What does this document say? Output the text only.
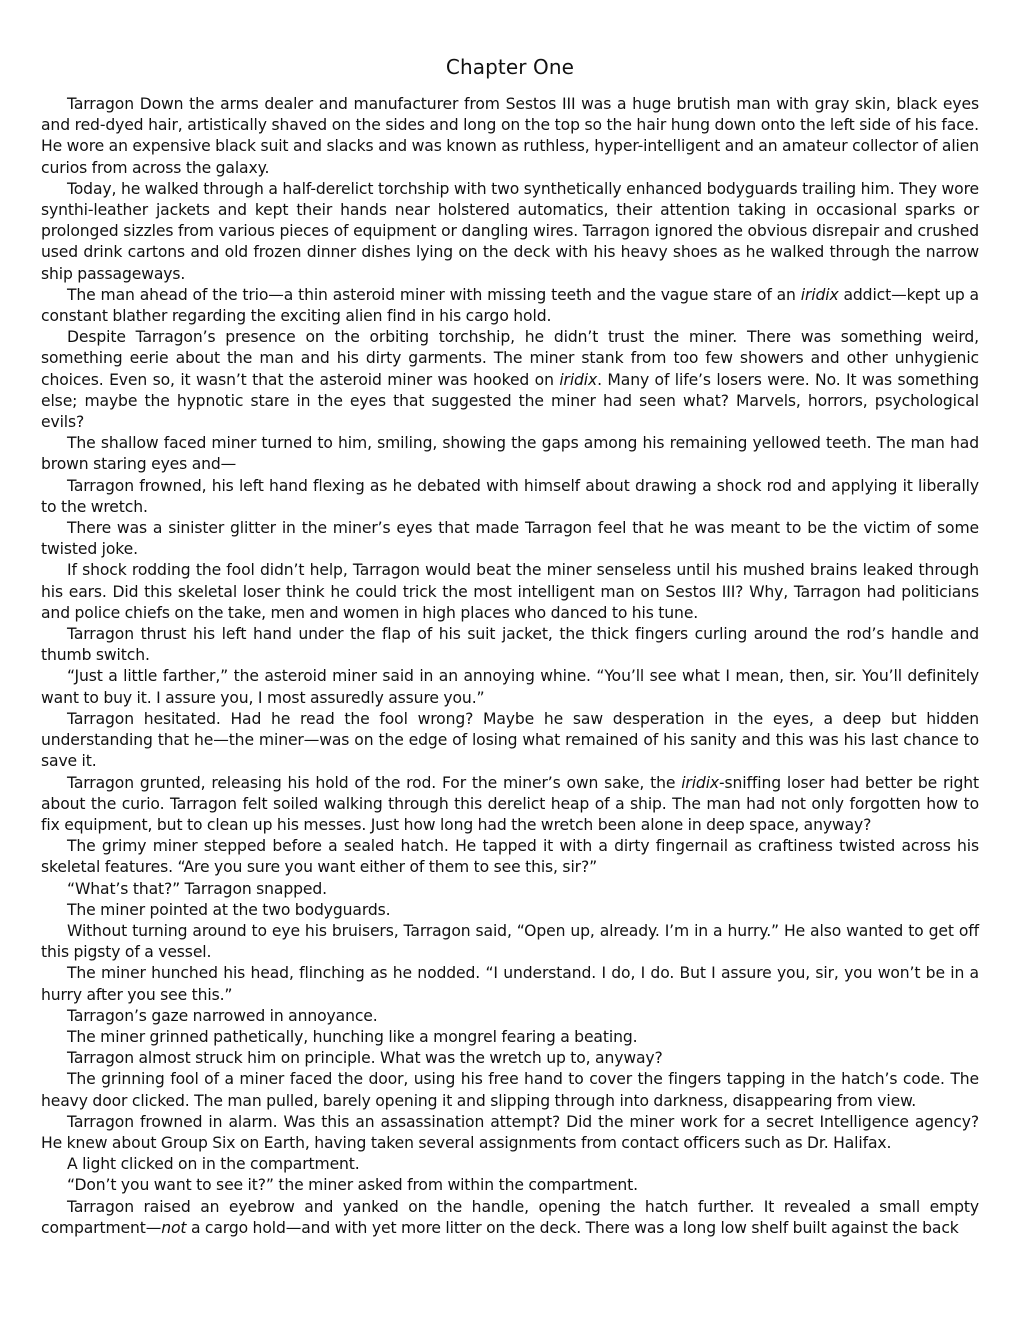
Chapter One

Tarragon Down the arms dealer and manufacturer from Sestos III was a huge brutish man with gray skin, black eyes and red-dyed hair, artistically shaved on the sides and long on the top so the hair hung down onto the left side of his face. He wore an expensive black suit and slacks and was known as ruthless, hyper-intelligent and an amateur collector of alien curios from across the galaxy.

Today, he walked through a half-derelict torchship with two synthetically enhanced bodyguards trailing him. They wore synthi-leather jackets and kept their hands near holstered automatics, their attention taking in occasional sparks or prolonged sizzles from various pieces of equipment or dangling wires. Tarragon ignored the obvious disrepair and crushed used drink cartons and old frozen dinner dishes lying on the deck with his heavy shoes as he walked through the narrow ship passageways.

The man ahead of the trio—a thin asteroid miner with missing teeth and the vague stare of an iridix addict—kept up a constant blather regarding the exciting alien find in his cargo hold.

Despite Tarragon’s presence on the orbiting torchship, he didn’t trust the miner. There was something weird, something eerie about the man and his dirty garments. The miner stank from too few showers and other unhygienic choices. Even so, it wasn’t that the asteroid miner was hooked on iridix. Many of life’s losers were. No. It was something else; maybe the hypnotic stare in the eyes that suggested the miner had seen what? Marvels, horrors, psychological evils?

The shallow faced miner turned to him, smiling, showing the gaps among his remaining yellowed teeth. The man had brown staring eyes and—

Tarragon frowned, his left hand flexing as he debated with himself about drawing a shock rod and applying it liberally to the wretch.

There was a sinister glitter in the miner’s eyes that made Tarragon feel that he was meant to be the victim of some twisted joke.

If shock rodding the fool didn’t help, Tarragon would beat the miner senseless until his mushed brains leaked through his ears. Did this skeletal loser think he could trick the most intelligent man on Sestos III? Why, Tarragon had politicians and police chiefs on the take, men and women in high places who danced to his tune.

Tarragon thrust his left hand under the flap of his suit jacket, the thick fingers curling around the rod’s handle and thumb switch.

“Just a little farther,” the asteroid miner said in an annoying whine. “You’ll see what I mean, then, sir. You’ll definitely want to buy it. I assure you, I most assuredly assure you.”

Tarragon hesitated. Had he read the fool wrong? Maybe he saw desperation in the eyes, a deep but hidden understanding that he—the miner—was on the edge of losing what remained of his sanity and this was his last chance to save it.

Tarragon grunted, releasing his hold of the rod. For the miner’s own sake, the iridix-sniffing loser had better be right about the curio. Tarragon felt soiled walking through this derelict heap of a ship. The man had not only forgotten how to fix equipment, but to clean up his messes. Just how long had the wretch been alone in deep space, anyway?

The grimy miner stepped before a sealed hatch. He tapped it with a dirty fingernail as craftiness twisted across his skeletal features. “Are you sure you want either of them to see this, sir?”

“What’s that?” Tarragon snapped.

The miner pointed at the two bodyguards.

Without turning around to eye his bruisers, Tarragon said, “Open up, already. I’m in a hurry.” He also wanted to get off this pigsty of a vessel.

The miner hunched his head, flinching as he nodded. “I understand. I do, I do. But I assure you, sir, you won’t be in a hurry after you see this.”

Tarragon’s gaze narrowed in annoyance.

The miner grinned pathetically, hunching like a mongrel fearing a beating.

Tarragon almost struck him on principle. What was the wretch up to, anyway?

The grinning fool of a miner faced the door, using his free hand to cover the fingers tapping in the hatch’s code. The heavy door clicked. The man pulled, barely opening it and slipping through into darkness, disappearing from view.

Tarragon frowned in alarm. Was this an assassination attempt? Did the miner work for a secret Intelligence agency? He knew about Group Six on Earth, having taken several assignments from contact officers such as Dr. Halifax.

A light clicked on in the compartment.

“Don’t you want to see it?” the miner asked from within the compartment.

Tarragon raised an eyebrow and yanked on the handle, opening the hatch further. It revealed a small empty compartment—not a cargo hold—and with yet more litter on the deck. There was a long low shelf built against the back
